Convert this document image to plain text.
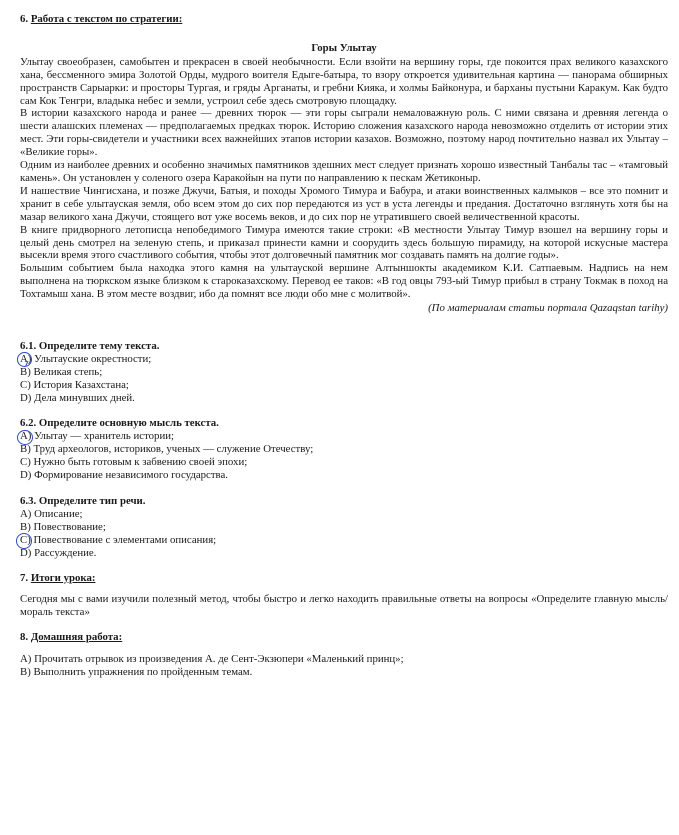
6. Работа с текстом по стратегии:

Горы Улытау

Улытау своеобразен, самобытен и прекрасен в своей необычности. Если взойти на вершину горы, где покоится прах великого казахского хана, бессменного эмира Золотой Орды, мудрого воителя Едыге-батыра, то взору откроется удивительная картина — панорама обширных пространств Сарыарки: и просторы Тургая, и гряды Арганаты, и гребни Кияка, и холмы Байконура, и барханы пустыни Каракум. Как будто сам Кок Тенгри, владыка небес и земли, устроил себе здесь смотровую площадку.

В истории казахского народа и ранее — древних тюрок — эти горы сыграли немаловажную роль. С ними связана и древняя легенда о шести алашских племенах — предполагаемых предках тюрок. Историю сложения казахского народа невозможно отделить от истории этих мест. Эти горы-свидетели и участники всех важнейших этапов истории казахов. Возможно, поэтому народ почтительно назвал их Улытау – «Великие горы».

Одним из наиболее древних и особенно значимых памятников здешних мест следует признать хорошо известный Танбалы тас – «тамговый камень». Он установлен у соленого озера Каракойын на пути по направлению к пескам Жетиконыр.

И нашествие Чингисхана, и позже Джучи, Батыя, и походы Хромого Тимура и Бабура, и атаки воинственных калмыков – все это помнит и хранит в себе улытауская земля, обо всем этом до сих пор передаются из уст в уста легенды и предания. Достаточно взглянуть хотя бы на мазар великого хана Джучи, стоящего вот уже восемь веков, и до сих пор не утратившего своей величественной красоты.

В книге придворного летописца непобедимого Тимура имеются такие строки: «В местности Улытау Тимур взошел на вершину горы и целый день смотрел на зеленую степь, и приказал принести камни и соорудить здесь большую пирамиду, на которой искусные мастера высекли время этого счастливого события, чтобы этот долговечный памятник мог создавать память на долгие годы».

Большим событием была находка этого камня на улытауской вершине Алтыншокты академиком К.И. Сатпаевым. Надпись на нем выполнена на тюркском языке близком к староказахскому. Перевод ее таков: «В год овцы 793-ый Тимур прибыл в страну Токмак в поход на Тохтамыш хана. В этом месте воздвиг, ибо да помнят все люди обо мне с молитвой».

(По материалам статьи портала Qazaqstan tarihy)

6.1. Определите тему текста.

A) Улытауские окрестности;

B) Великая степь;

C) История Казахстана;

D) Дела минувших дней.

6.2. Определите основную мысль текста.

A) Улытау — хранитель истории;

B) Труд археологов, историков, ученых — служение Отечеству;

C) Нужно быть готовым к забвению своей эпохи;

D) Формирование независимого государства.

6.3. Определите тип речи.

A) Описание;

B) Повествование;

C) Повествование с элементами описания;

D) Рассуждение.

7. Итоги урока:

Сегодня мы с вами изучили полезный метод, чтобы быстро и легко находить правильные ответы на вопросы «Определите главную мысль/мораль текста»

8. Домашняя работа:

A) Прочитать отрывок из произведения А. де Сент-Экзюпери «Маленький принц»;

B) Выполнить упражнения по пройденным темам.
